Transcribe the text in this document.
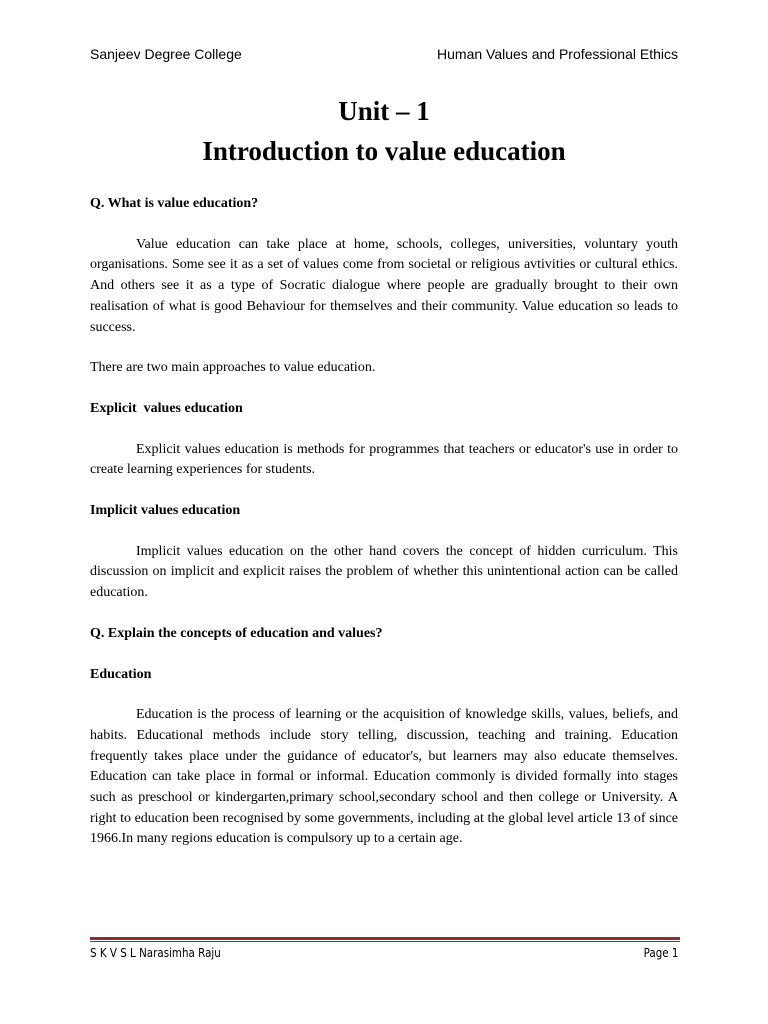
Sanjeev Degree College	Human Values and Professional Ethics
Unit – 1
Introduction to value education
Q. What is value education?

Value education can take place at home, schools, colleges, universities, voluntary youth organisations. Some see it as a set of values come from societal or religious avtivities or cultural ethics. And others see it as a type of Socratic dialogue where people are gradually brought to their own realisation of what is good Behaviour for themselves and their community. Value education so leads to success.

There are two main approaches to value education.

Explicit  values education

Explicit values education is methods for programmes that teachers or educator's use in order to create learning experiences for students.

Implicit values education

Implicit values education on the other hand covers the concept of hidden curriculum. This discussion on implicit and explicit raises the problem of whether this unintentional action can be called education.

Q. Explain the concepts of education and values?
Education

Education is the process of learning or the acquisition of knowledge skills, values, beliefs, and habits. Educational methods include story telling, discussion, teaching and training. Education frequently takes place under the guidance of educator's, but learners may also educate themselves. Education can take place in formal or informal. Education commonly is divided formally into stages such as preschool or kindergarten,primary school,secondary school and then college or University. A right to education been recognised by some governments, including at the global level article 13 of since 1966.In many regions education is compulsory up to a certain age.

S K V S L Narasimha Raju	Page 1
